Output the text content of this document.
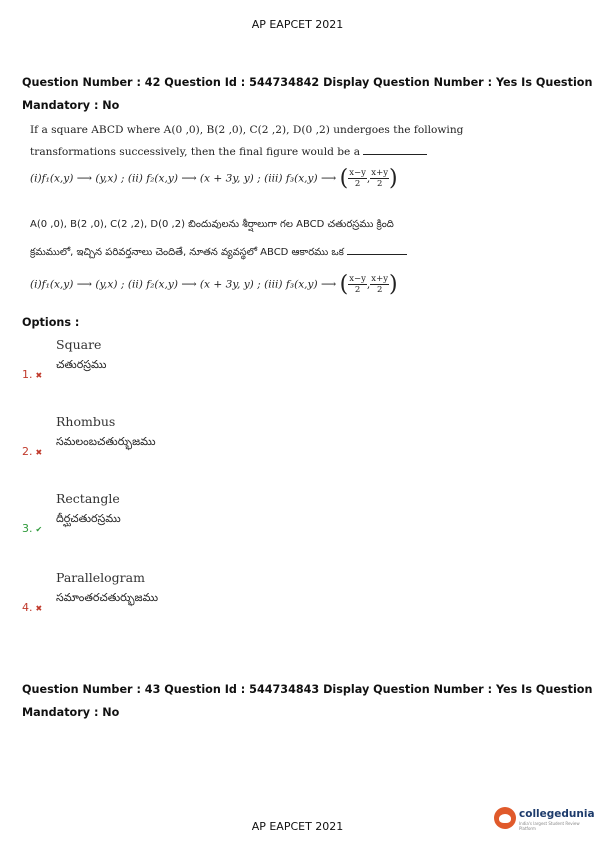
AP EAPCET 2021
Question Number : 42 Question Id : 544734842 Display Question Number : Yes Is Question
Mandatory : No
If a square ABCD where A(0 ,0), B(2 ,0), C(2 ,2), D(0 ,2) undergoes the following
transformations successively, then the final figure would be a
(i)f₁(x,y) ⟶ (y,x) ; (ii) f₂(x,y) ⟶ (x + 3y, y) ; (iii) f₃(x,y) ⟶ ( $\frac{x-y}{2}$, $\frac{x+y}{2}$)
A(0 ,0), B(2 ,0), C(2 ,2), D(0 ,2) బిందువులను శీర్షాలుగా గల ABCD చతురస్రము క్రింది
క్రమములో, ఇచ్చిన పరివర్తనాలు చెందితే, నూతన వ్యవస్థలో ABCD ఆకారము ఒక
(i)f₁(x,y) ⟶ (y,x) ; (ii) f₂(x,y) ⟶ (x + 3y, y) ; (iii) f₃(x,y) ⟶ ( $\frac{x-y}{2}$, $\frac{x+y}{2}$)
Options :
Square
చతురస్రము
1. ✖
Rhombus
సమలంబచతుర్భుజము
2. ✖
Rectangle
దీర్ఘచతురస్రము
3. ✔
Parallelogram
సమాంతరచతుర్భుజము
4. ✖
Question Number : 43 Question Id : 544734843 Display Question Number : Yes Is Question
Mandatory : No
AP EAPCET 2021
collegedunia
India's largest Student Review Platform
